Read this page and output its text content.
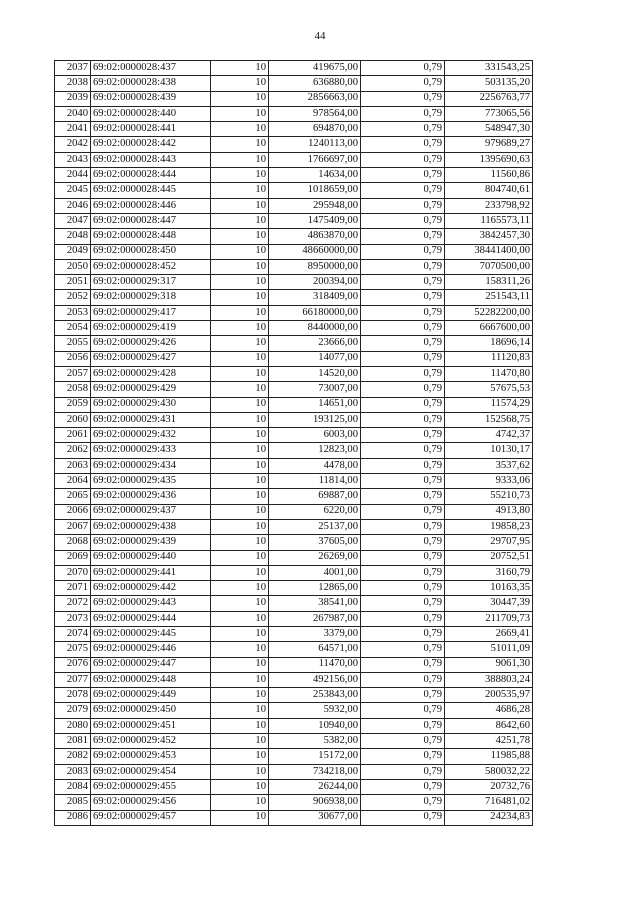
44
2037	69:02:0000028:437	10	419675,00	0,79	331543,25
2038	69:02:0000028:438	10	636880,00	0,79	503135,20
2039	69:02:0000028:439	10	2856663,00	0,79	2256763,77
2040	69:02:0000028:440	10	978564,00	0,79	773065,56
2041	69:02:0000028:441	10	694870,00	0,79	548947,30
2042	69:02:0000028:442	10	1240113,00	0,79	979689,27
2043	69:02:0000028:443	10	1766697,00	0,79	1395690,63
2044	69:02:0000028:444	10	14634,00	0,79	11560,86
2045	69:02:0000028:445	10	1018659,00	0,79	804740,61
2046	69:02:0000028:446	10	295948,00	0,79	233798,92
2047	69:02:0000028:447	10	1475409,00	0,79	1165573,11
2048	69:02:0000028:448	10	4863870,00	0,79	3842457,30
2049	69:02:0000028:450	10	48660000,00	0,79	38441400,00
2050	69:02:0000028:452	10	8950000,00	0,79	7070500,00
2051	69:02:0000029:317	10	200394,00	0,79	158311,26
2052	69:02:0000029:318	10	318409,00	0,79	251543,11
2053	69:02:0000029:417	10	66180000,00	0,79	52282200,00
2054	69:02:0000029:419	10	8440000,00	0,79	6667600,00
2055	69:02:0000029:426	10	23666,00	0,79	18696,14
2056	69:02:0000029:427	10	14077,00	0,79	11120,83
2057	69:02:0000029:428	10	14520,00	0,79	11470,80
2058	69:02:0000029:429	10	73007,00	0,79	57675,53
2059	69:02:0000029:430	10	14651,00	0,79	11574,29
2060	69:02:0000029:431	10	193125,00	0,79	152568,75
2061	69:02:0000029:432	10	6003,00	0,79	4742,37
2062	69:02:0000029:433	10	12823,00	0,79	10130,17
2063	69:02:0000029:434	10	4478,00	0,79	3537,62
2064	69:02:0000029:435	10	11814,00	0,79	9333,06
2065	69:02:0000029:436	10	69887,00	0,79	55210,73
2066	69:02:0000029:437	10	6220,00	0,79	4913,80
2067	69:02:0000029:438	10	25137,00	0,79	19858,23
2068	69:02:0000029:439	10	37605,00	0,79	29707,95
2069	69:02:0000029:440	10	26269,00	0,79	20752,51
2070	69:02:0000029:441	10	4001,00	0,79	3160,79
2071	69:02:0000029:442	10	12865,00	0,79	10163,35
2072	69:02:0000029:443	10	38541,00	0,79	30447,39
2073	69:02:0000029:444	10	267987,00	0,79	211709,73
2074	69:02:0000029:445	10	3379,00	0,79	2669,41
2075	69:02:0000029:446	10	64571,00	0,79	51011,09
2076	69:02:0000029:447	10	11470,00	0,79	9061,30
2077	69:02:0000029:448	10	492156,00	0,79	388803,24
2078	69:02:0000029:449	10	253843,00	0,79	200535,97
2079	69:02:0000029:450	10	5932,00	0,79	4686,28
2080	69:02:0000029:451	10	10940,00	0,79	8642,60
2081	69:02:0000029:452	10	5382,00	0,79	4251,78
2082	69:02:0000029:453	10	15172,00	0,79	11985,88
2083	69:02:0000029:454	10	734218,00	0,79	580032,22
2084	69:02:0000029:455	10	26244,00	0,79	20732,76
2085	69:02:0000029:456	10	906938,00	0,79	716481,02
2086	69:02:0000029:457	10	30677,00	0,79	24234,83
